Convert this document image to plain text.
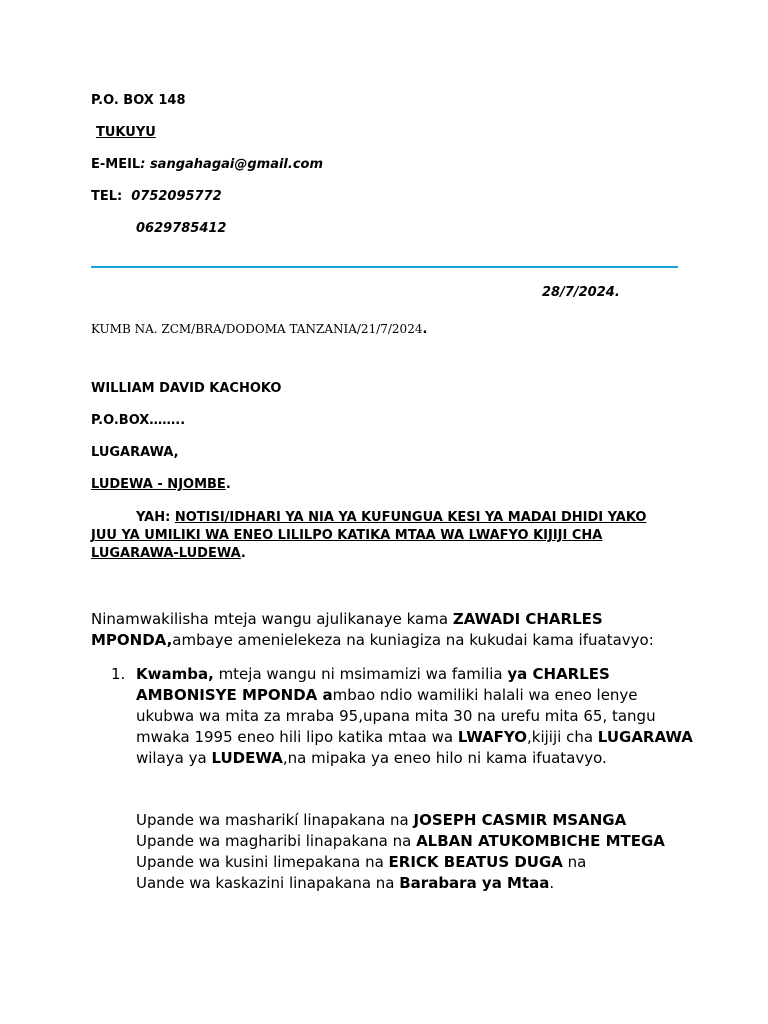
P.O. BOX 148
TUKUYU
E-MEIL: sangahagai@gmail.com
TEL: 0752095772
0629785412
28/7/2024.
KUMB NA. ZCM/BRA/DODOMA TANZANIA/21/7/2024.
WILLIAM DAVID KACHOKO
P.O.BOX……..
LUGARAWA,
LUDEWA - NJOMBE.
YAH: NOTISI/IDHARI YA NIA YA KUFUNGUA KESI YA MADAI DHIDI YAKO JUU YA UMILIKI WA ENEO LILILPO KATIKA MTAA WA LWAFYO KIJIJI CHA LUGARAWA-LUDEWA.
Ninamwakilisha mteja wangu ajulikanaye kama ZAWADI CHARLES MPONDA,ambaye amenielekeza na kuniagiza na kukudai kama ifuatavyo:
1. Kwamba, mteja wangu ni msimamizi wa familia ya CHARLES AMBONISYE MPONDA ambao ndio wamiliki halali wa eneo lenye ukubwa wa mita za mraba 95,upana mita 30 na urefu mita 65, tangu mwaka 1995 eneo hili lipo katika mtaa wa LWAFYO,kijiji cha LUGARAWA wilaya ya LUDEWA,na mipaka ya eneo hilo ni kama ifuatavyo.
Upande wa masharikí linapakana na JOSEPH CASMIR MSANGA
Upande wa magharibi linapakana na ALBAN ATUKOMBICHE MTEGA
Upande wa kusini limepakana na ERICK BEATUS DUGA na
Uande wa kaskazini linapakana na Barabara ya Mtaa.
